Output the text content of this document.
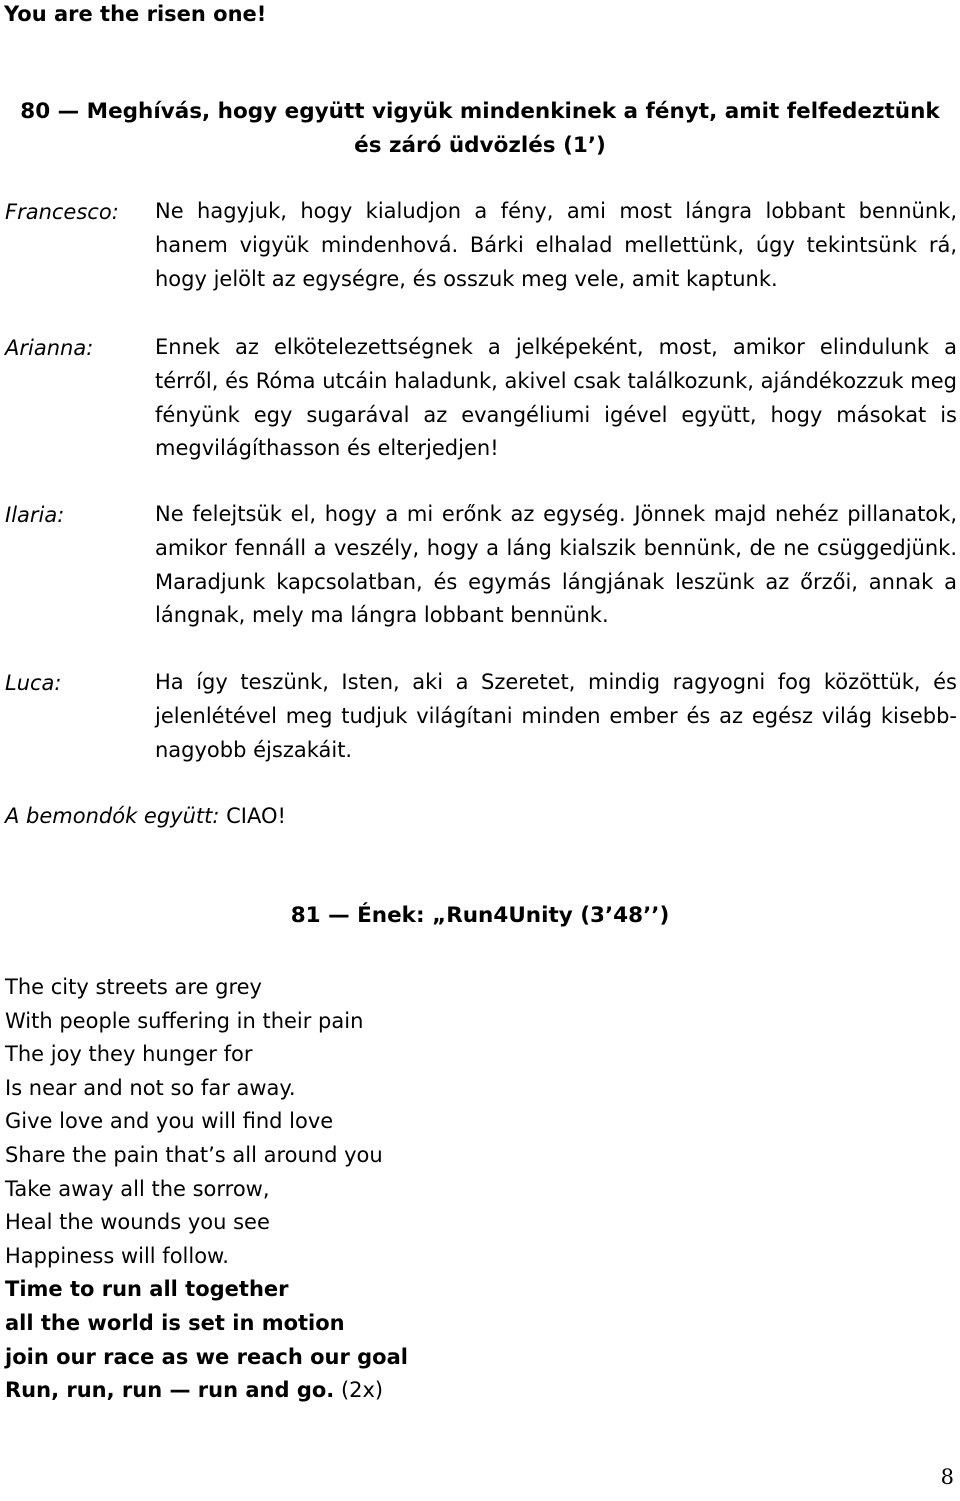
You are the risen one!
80 — Meghívás, hogy együtt vigyük mindenkinek a fényt, amit felfedeztünk
és záró üdvözlés (1’)
Francesco:	Ne hagyjuk, hogy kialudjon a fény, ami most lángra lobbant bennünk, hanem vigyük mindenhová. Bárki elhalad mellettünk, úgy tekintsünk rá, hogy jelölt az egységre, és osszuk meg vele, amit kaptunk.
Arianna:	Ennek az elkötelezettségnek a jelképeként, most, amikor elindulunk a térről, és Róma utcáin haladunk, akivel csak találkozunk, ajándékozzuk meg fényünk egy sugarával az evangéliumi igével együtt, hogy másokat is megvilágíthasson és elterjedjen!
Ilaria:	Ne felejtsük el, hogy a mi erőnk az egység. Jönnek majd nehéz pillanatok, amikor fennáll a veszély, hogy a láng kialszik bennünk, de ne csüggedjünk. Maradjunk kapcsolatban, és egymás lángjának leszünk az őrzői, annak a lángnak, mely ma lángra lobbant bennünk.
Luca:	Ha így teszünk, Isten, aki a Szeretet, mindig ragyogni fog közöttük, és jelenlétével meg tudjuk világítani minden ember és az egész világ kisebb-nagyobb éjszakáit.
A bemondók együtt: CIAO!
81 — Ének: „Run4Unity (3’48’’)
The city streets are grey
With people suffering in their pain
The joy they hunger for
Is near and not so far away.
Give love and you will find love
Share the pain that’s all around you
Take away all the sorrow,
Heal the wounds you see
Happiness will follow.
Time to run all together
all the world is set in motion
join our race as we reach our goal
Run, run, run — run and go. (2x)
8
